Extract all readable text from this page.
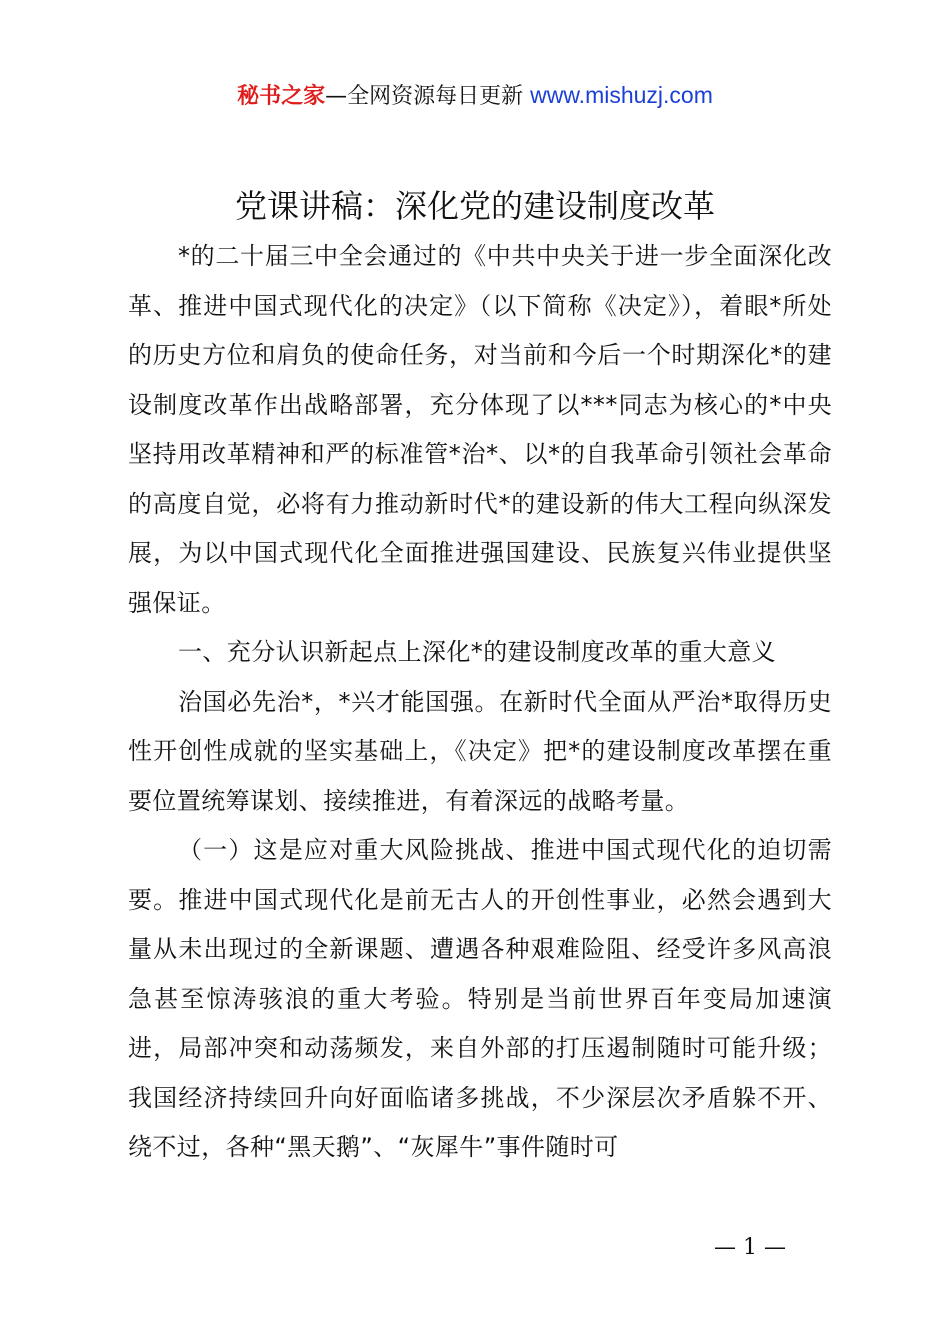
秘书之家—全网资源每日更新 www.mishuzj.com
党课讲稿：深化党的建设制度改革

*的二十届三中全会通过的《中共中央关于进一步全面深化改革、推进中国式现代化的决定》（以下简称《决定》），着眼*所处的历史方位和肩负的使命任务，对当前和今后一个时期深化*的建设制度改革作出战略部署，充分体现了以***同志为核心的*中央坚持用改革精神和严的标准管*治*、以*的自我革命引领社会革命的高度自觉，必将有力推动新时代*的建设新的伟大工程向纵深发展，为以中国式现代化全面推进强国建设、民族复兴伟业提供坚强保证。

一、充分认识新起点上深化*的建设制度改革的重大意义

治国必先治*，*兴才能国强。在新时代全面从严治*取得历史性开创性成就的坚实基础上，《决定》把*的建设制度改革摆在重要位置统筹谋划、接续推进，有着深远的战略考量。

（一）这是应对重大风险挑战、推进中国式现代化的迫切需要。推进中国式现代化是前无古人的开创性事业，必然会遇到大量从未出现过的全新课题、遭遇各种艰难险阻、经受许多风高浪急甚至惊涛骇浪的重大考验。特别是当前世界百年变局加速演进，局部冲突和动荡频发，来自外部的打压遏制随时可能升级；我国经济持续回升向好面临诸多挑战，不少深层次矛盾躲不开、绕不过，各种“黑天鹅”、“灰犀牛”事件随时可

— 1 —
